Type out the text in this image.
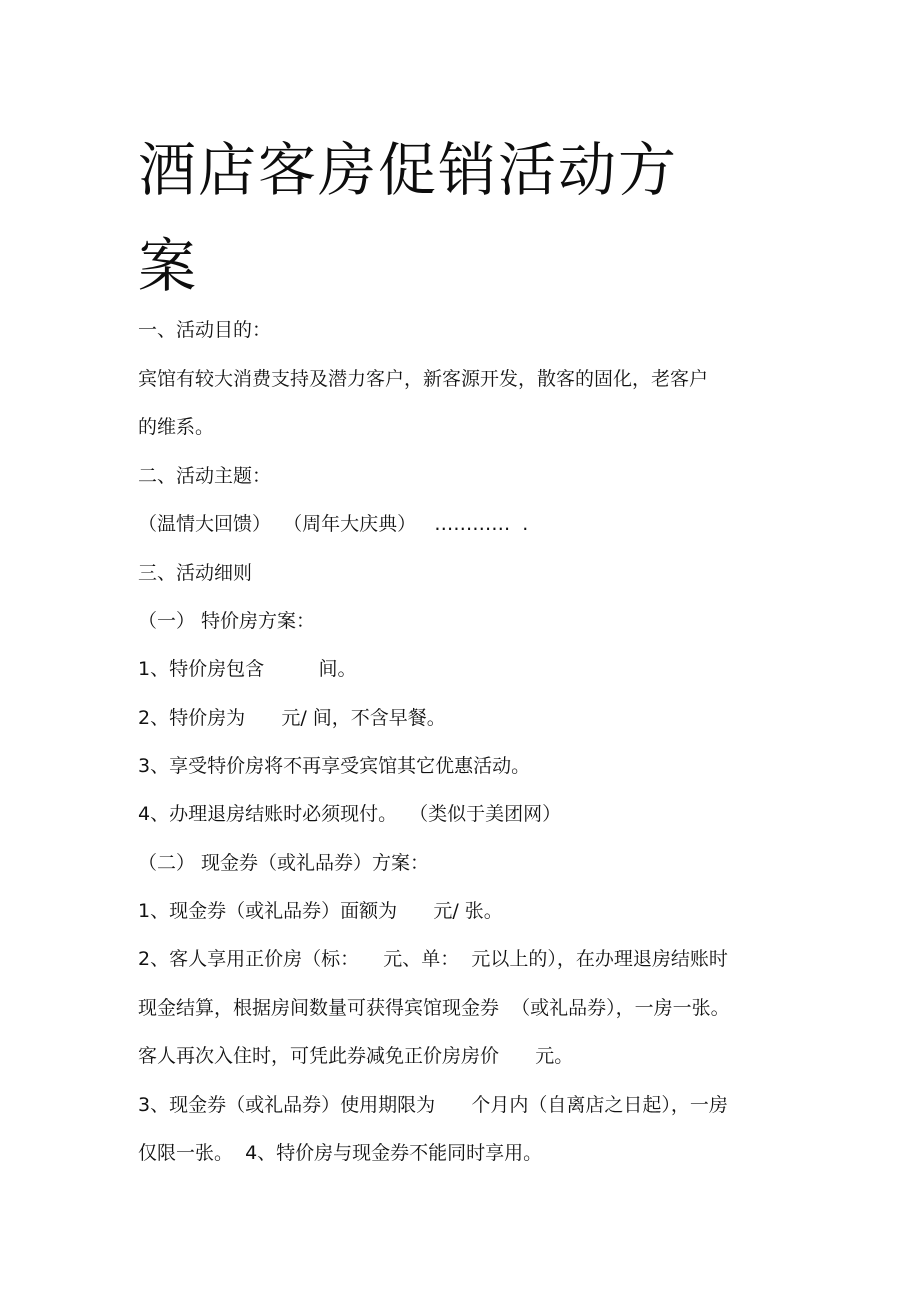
酒店客房促销活动方
案
一、活动目的：
宾馆有较大消费支持及潜力客户，新客源开发，散客的固化，老客户
的维系。
二、活动主题：
（温情大回馈）  （周年大庆典）   …………  .
三、活动细则
（一） 特价房方案：
1、特价房包含         间。
2、特价房为      元/ 间，不含早餐。
3、享受特价房将不再享受宾馆其它优惠活动。
4、办理退房结账时必须现付。  （类似于美团网）
（二） 现金券（或礼品券）方案：
1、现金券（或礼品券）面额为      元/ 张。
2、客人享用正价房（标：    元、单：  元以上的），在办理退房结账时
现金结算，根据房间数量可获得宾馆现金券  （或礼品券），一房一张。
客人再次入住时，可凭此券减免正价房房价      元。
3、现金券（或礼品券）使用期限为      个月内（自离店之日起），一房
仅限一张。  4、特价房与现金券不能同时享用。
